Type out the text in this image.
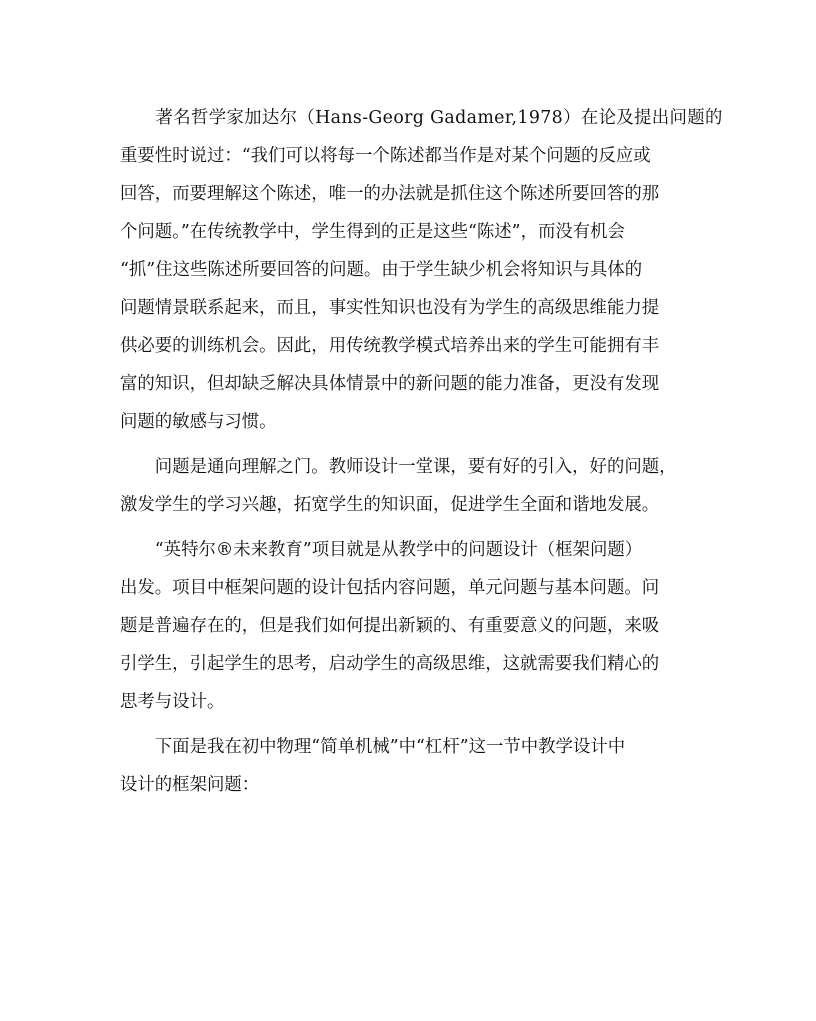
　　著名哲学家加达尔（Hans-Georg Gadamer,1978）在论及提出问题的
重要性时说过：“我们可以将每一个陈述都当作是对某个问题的反应或
回答，而要理解这个陈述，唯一的办法就是抓住这个陈述所要回答的那
个问题。”在传统教学中，学生得到的正是这些“陈述”，而没有机会
“抓”住这些陈述所要回答的问题。由于学生缺少机会将知识与具体的
问题情景联系起来，而且，事实性知识也没有为学生的高级思维能力提
供必要的训练机会。因此，用传统教学模式培养出来的学生可能拥有丰
富的知识，但却缺乏解决具体情景中的新问题的能力准备，更没有发现
问题的敏感与习惯。
　　问题是通向理解之门。教师设计一堂课，要有好的引入，好的问题，
激发学生的学习兴趣，拓宽学生的知识面，促进学生全面和谐地发展。
　　“英特尔®未来教育”项目就是从教学中的问题设计（框架问题）
出发。项目中框架问题的设计包括内容问题，单元问题与基本问题。问
题是普遍存在的，但是我们如何提出新颖的、有重要意义的问题，来吸
引学生，引起学生的思考，启动学生的高级思维，这就需要我们精心的
思考与设计。
　　下面是我在初中物理“简单机械”中“杠杆”这一节中教学设计中
设计的框架问题：
